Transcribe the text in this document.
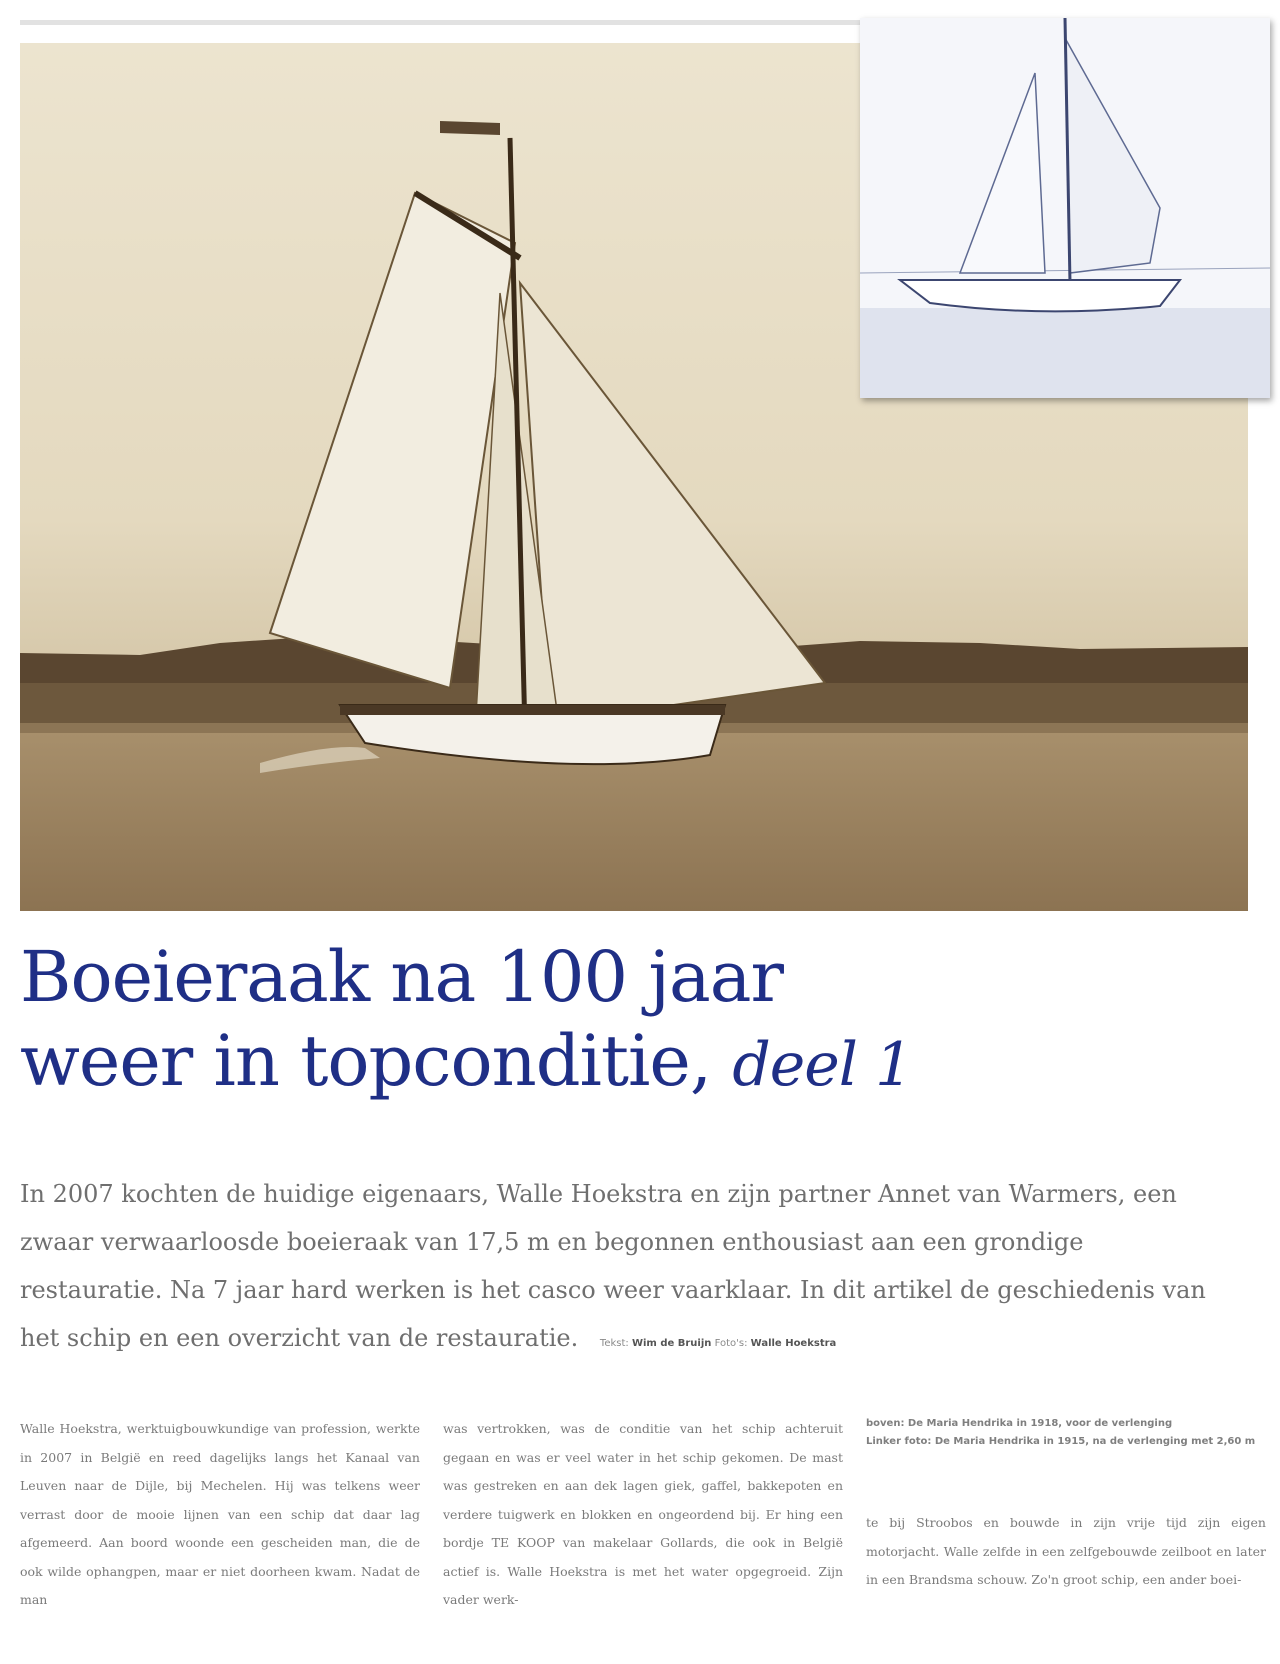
Boeieraak na 100 jaar
weer in topconditie, deel 1

In 2007 kochten de huidige eigenaars, Walle Hoekstra en zijn partner Annet van Warmers, een zwaar verwaarloosde boeieraak van 17,5 m en begonnen enthousiast aan een grondige restauratie. Na 7 jaar hard werken is het casco weer vaarklaar. In dit artikel de geschiedenis van het schip en een overzicht van de restauratie. Tekst: Wim de Bruijn Foto's: Walle Hoekstra

Walle Hoekstra, werktuigbouwkundige van profession, werkte in 2007 in België en reed dagelijks langs het Kanaal van Leuven naar de Dijle, bij Mechelen. Hij was telkens weer verrast door de mooie lijnen van een schip dat daar lag afgemeerd. Aan boord woonde een gescheiden man, die de ook wilde ophangpen, maar er niet doorheen kwam. Nadat de man

was vertrokken, was de conditie van het schip achteruit gegaan en was er veel water in het schip gekomen. De mast was gestreken en aan dek lagen giek, gaffel, bakkepoten en verdere tuigwerk en blokken en ongeordend bij. Er hing een bordje TE KOOP van makelaar Gollards, die ook in België actief is. Walle Hoekstra is met het water opgegroeid. Zijn vader werk-

boven: De Maria Hendrika in 1918, voor de verlenging

Linker foto: De Maria Hendrika in 1915, na de verlenging met 2,60 m

te bij Stroobos en bouwde in zijn vrije tijd zijn eigen motorjacht. Walle zelfde in een zelfgebouwde zeilboot en later in een Brandsma schouw. Zo'n groot schip, een ander boei-
